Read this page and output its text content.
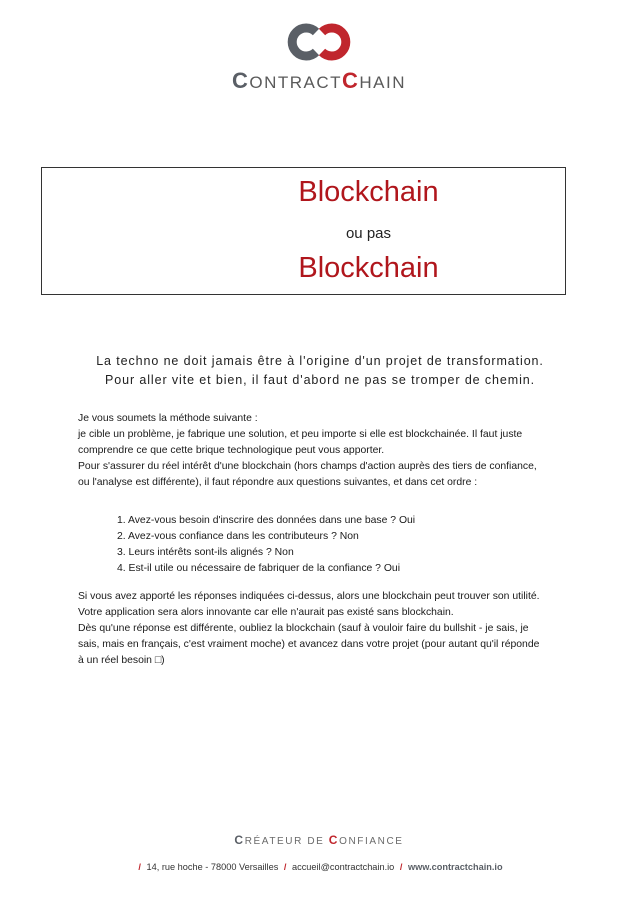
CONTRACTCHAIN
Blockchain
ou pas
Blockchain
La techno ne doit jamais être à l'origine d'un projet de transformation.
Pour aller vite et bien, il faut d'abord ne pas se tromper de chemin.
Je vous soumets la méthode suivante :
je cible un problème, je fabrique une solution, et peu importe si elle est blockchainée. Il faut juste
comprendre ce que cette brique technologique peut vous apporter.
Pour s'assurer du réel intérêt d'une blockchain (hors champs d'action auprès des tiers de confiance,
ou l'analyse est différente), il faut répondre aux questions suivantes, et dans cet ordre :
1. Avez-vous besoin d'inscrire des données dans une base ? Oui
2. Avez-vous confiance dans les contributeurs ? Non
3. Leurs intérêts sont-ils alignés ? Non
4. Est-il utile ou nécessaire de fabriquer de la confiance ? Oui
Si vous avez apporté les réponses indiquées ci-dessus, alors une blockchain peut trouver son utilité.
Votre application sera alors innovante car elle n'aurait pas existé sans blockchain.
Dès qu'une réponse est différente, oubliez la blockchain (sauf à vouloir faire du bullshit - je sais, je
sais, mais en français, c'est vraiment moche) et avancez dans votre projet (pour autant qu'il réponde
à un réel besoin □)
CRÉATEUR DE CONFIANCE
/ 14, rue hoche - 78000 Versailles / accueil@contractchain.io / www.contractchain.io
